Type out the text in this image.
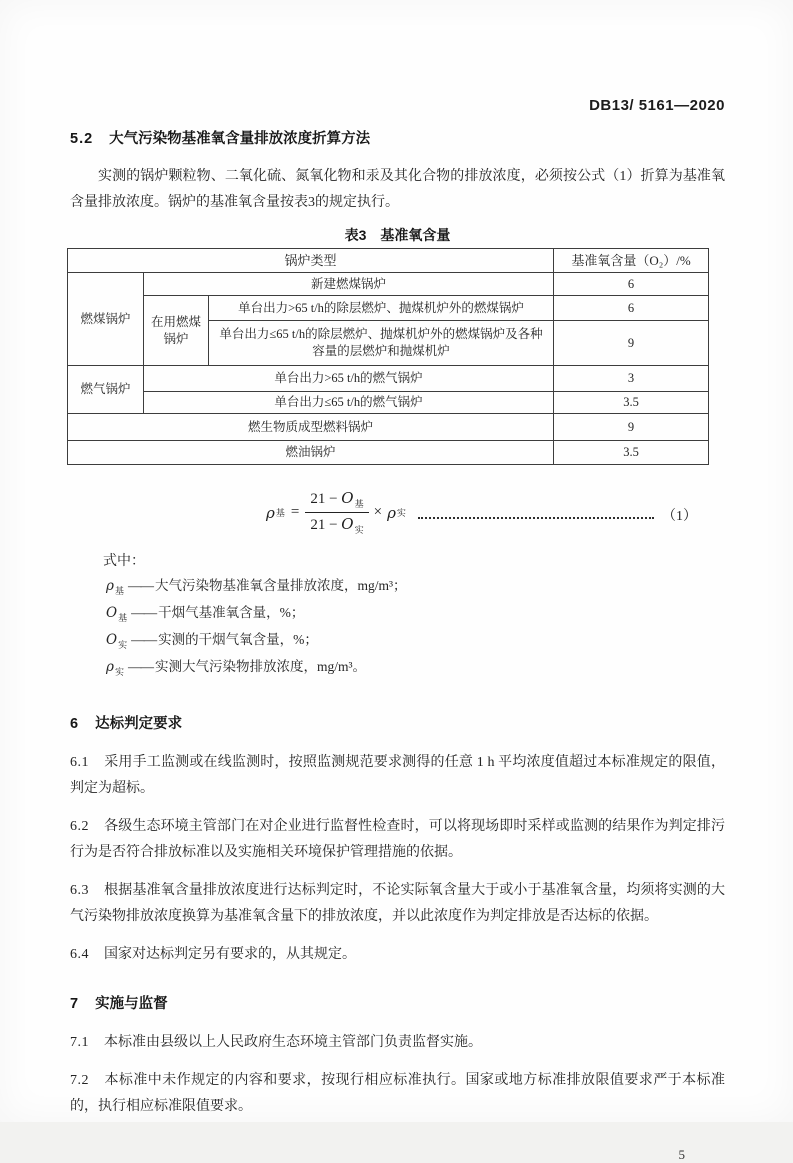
DB13/ 5161—2020
5.2 大气污染物基准氧含量排放浓度折算方法

实测的锅炉颗粒物、二氧化硫、氮氧化物和汞及其化合物的排放浓度，必须按公式（1）折算为基准氧含量排放浓度。锅炉的基准氧含量按表3的规定执行。

表3 基准氧含量
锅炉类型			基准氧含量（O₂）/%
燃煤锅炉	新建燃煤锅炉		6
	在用燃煤锅炉	单台出力>65 t/h的除层燃炉、抛煤机炉外的燃煤锅炉	6
		单台出力≤65 t/h的除层燃炉、抛煤机炉外的燃煤锅炉及各种容量的层燃炉和抛煤机炉	9
燃气锅炉	单台出力>65 t/h的燃气锅炉		3
	单台出力≤65 t/h的燃气锅炉		3.5
燃生物质成型燃料锅炉			9
燃油锅炉			3.5
ρ 基 = $\frac{21 - O_基}{21 - O_实} \times \rho$ 实	（1）

式中：

$\rho_基$ —— 大气污染物基准氧含量排放浓度，mg/m³；

$O_基$ —— 干烟气基准氧含量，%；

$O_实$ —— 实测的干烟气氧含量，%；

$\rho_实$ —— 实测大气污染物排放浓度，mg/m³。

6 达标判定要求

6.1 采用手工监测或在线监测时，按照监测规范要求测得的任意 1 h 平均浓度值超过本标准规定的限值，判定为超标。

6.2 各级生态环境主管部门在对企业进行监督性检查时，可以将现场即时采样或监测的结果作为判定排污行为是否符合排放标准以及实施相关环境保护管理措施的依据。

6.3 根据基准氧含量排放浓度进行达标判定时，不论实际氧含量大于或小于基准氧含量，均须将实测的大气污染物排放浓度换算为基准氧含量下的排放浓度，并以此浓度作为判定排放是否达标的依据。

6.4 国家对达标判定另有要求的，从其规定。

7 实施与监督

7.1 本标准由县级以上人民政府生态环境主管部门负责监督实施。

7.2 本标准中未作规定的内容和要求，按现行相应标准执行。国家或地方标准排放限值要求严于本标准的，执行相应标准限值要求。

5
